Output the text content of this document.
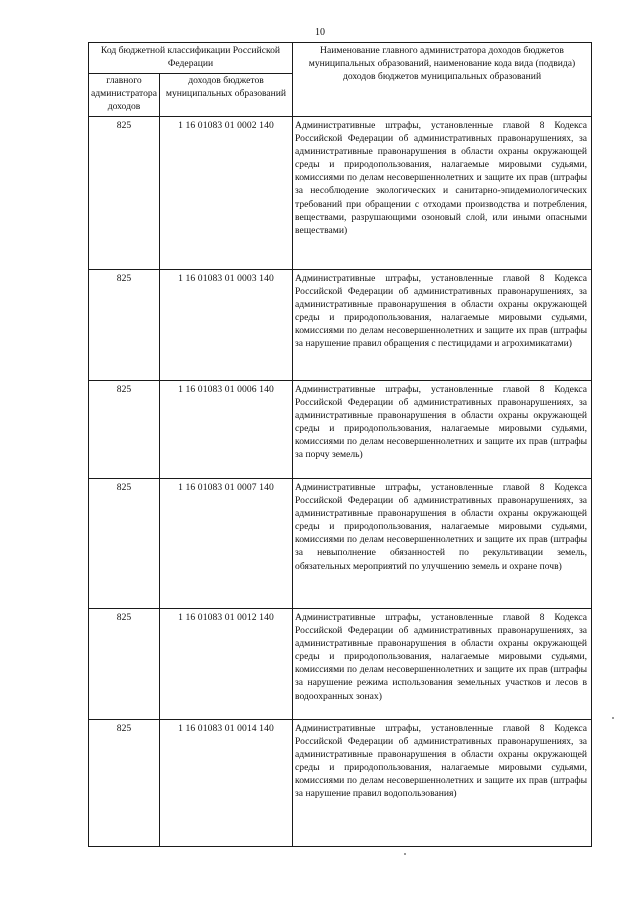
10
Код бюджетной классификации Российской Федерации		Наименование главного администратора доходов бюджетов муниципальных образований, наименование кода вида (подвида) доходов бюджетов муниципальных образований
главного администратора доходов	доходов бюджетов муниципальных образований	
825	1 16 01083 01 0002 140	Административные штрафы, установленные главой 8 Кодекса Российской Федерации об административных правонарушениях, за административные правонарушения в области охраны окружающей среды и природопользования, налагаемые мировыми судьями, комиссиями по делам несовершеннолетних и защите их прав (штрафы за несоблюдение экологических и санитарно-эпидемиологических требований при обращении с отходами производства и потребления, веществами, разрушающими озоновый слой, или иными опасными веществами)
825	1 16 01083 01 0003 140	Административные штрафы, установленные главой 8 Кодекса Российской Федерации об административных правонарушениях, за административные правонарушения в области охраны окружающей среды и природопользования, налагаемые мировыми судьями, комиссиями по делам несовершеннолетних и защите их прав (штрафы за нарушение правил обращения с пестицидами и агрохимикатами)
825	1 16 01083 01 0006 140	Административные штрафы, установленные главой 8 Кодекса Российской Федерации об административных правонарушениях, за административные правонарушения в области охраны окружающей среды и природопользования, налагаемые мировыми судьями, комиссиями по делам несовершеннолетних и защите их прав (штрафы за порчу земель)
825	1 16 01083 01 0007 140	Административные штрафы, установленные главой 8 Кодекса Российской Федерации об административных правонарушениях, за административные правонарушения в области охраны окружающей среды и природопользования, налагаемые мировыми судьями, комиссиями по делам несовершеннолетних и защите их прав (штрафы за невыполнение обязанностей по рекультивации земель, обязательных мероприятий по улучшению земель и охране почв)
825	1 16 01083 01 0012 140	Административные штрафы, установленные главой 8 Кодекса Российской Федерации об административных правонарушениях, за административные правонарушения в области охраны окружающей среды и природопользования, налагаемые мировыми судьями, комиссиями по делам несовершеннолетних и защите их прав (штрафы за нарушение режима использования земельных участков и лесов в водоохранных зонах)
825	1 16 01083 01 0014 140	Административные штрафы, установленные главой 8 Кодекса Российской Федерации об административных правонарушениях, за административные правонарушения в области охраны окружающей среды и природопользования, налагаемые мировыми судьями, комиссиями по делам несовершеннолетних и защите их прав (штрафы за нарушение правил водопользования)
